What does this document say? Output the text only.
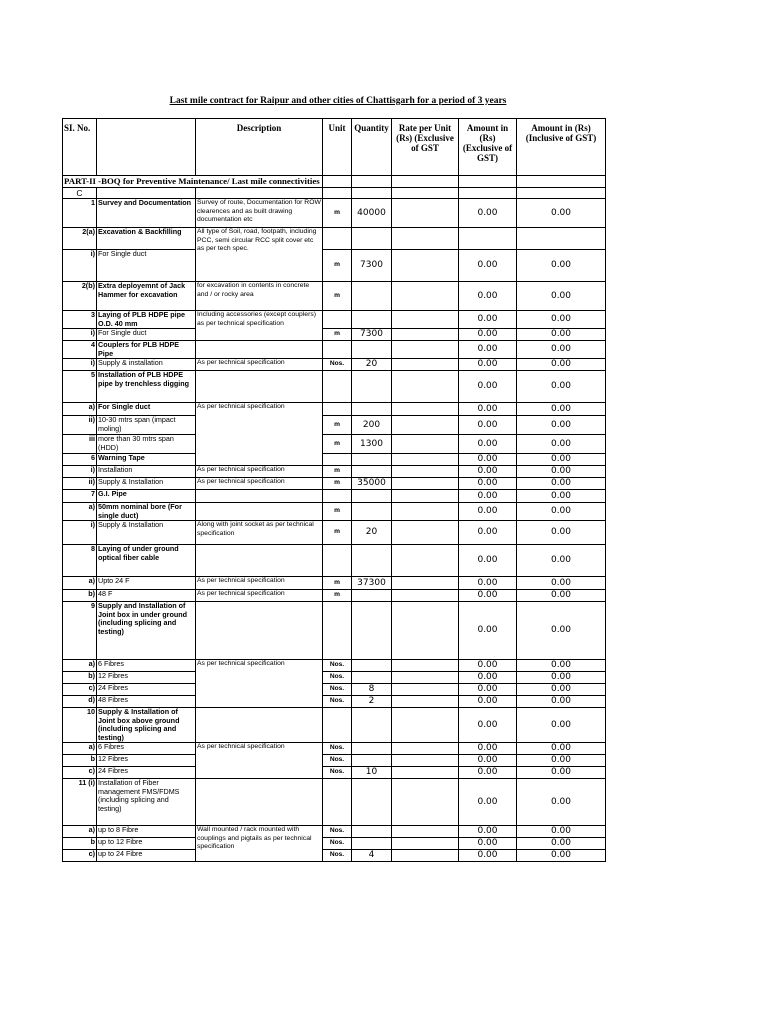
Last mile contract for Raipur and other cities of Chattisgarh for a period of 3 years
SI. No.		Description	Unit	Quantity	Rate per Unit (Rs) (Exclusive of GST	Amount in (Rs) (Exclusive of GST)	Amount in (Rs) (Inclusive of GST)
PART-II -BOQ for Preventive Maintenance/ Last mile connectivities							
C							
1	Survey and Documentation	Survey of route, Documentation for ROW clearences and as built drawing documentation etc	m	40000		0.00	0.00
2(a)	Excavation & Backfilling	All type of Soil, road, footpath, including PCC, semi circular RCC split cover etc as per tech spec.					
i)	For Single duct		m	7300		0.00	0.00
2(b)	Extra deployemnt of Jack Hammer for excavation	for excavation in contents in concrete and / or rocky area	m			0.00	0.00
3	Laying of PLB HDPE pipe O.D. 40 mm	Including accessories (except couplers) as per technical specification				0.00	0.00
i)	For Single duct		m	7300		0.00	0.00
4	Couplers for PLB HDPE Pipe					0.00	0.00
i)	Supply & installation	As per technical specification	Nos.	20		0.00	0.00
5	Installation of PLB HDPE pipe by trenchless digging					0.00	0.00
a)	For Single duct	As per technical specification				0.00	0.00
ii)	10-30 mtrs span (impact moling)		m	200		0.00	0.00
iii	more than 30 mtrs span (HDD)		m	1300		0.00	0.00
6	Warning Tape					0.00	0.00
i)	Installation	As per technical specification	m			0.00	0.00
ii)	Supply & Installation	As per technical specification	m	35000		0.00	0.00
7	G.I. Pipe					0.00	0.00
a)	50mm nominal bore (For single duct)		m			0.00	0.00
i)	Supply & Installation	Along with joint socket as per technical specification	m	20		0.00	0.00
8	Laying of under ground optical fiber cable					0.00	0.00
a)	Upto 24 F	As per technical specification	m	37300		0.00	0.00
b)	48 F	As per technical specification	m			0.00	0.00
9	Supply and Installation of Joint box in under ground (including splicing and testing)					0.00	0.00
a)	6 Fibres	As per technical specification	Nos.			0.00	0.00
b)	12 Fibres		Nos.			0.00	0.00
c)	24 Fibres		Nos.	8		0.00	0.00
d)	48 Fibres		Nos.	2		0.00	0.00
10	Supply & Installation of Joint box above ground (including splicing and testing)					0.00	0.00
a)	6 Fibres	As per technical specification	Nos.			0.00	0.00
b	12 Fibres		Nos.			0.00	0.00
c)	24 Fibres		Nos.	10		0.00	0.00
11 (i)	Installation of Fiber management FMS/FDMS (including splicing and testing)					0.00	0.00
a)	up to 8 Fibre	Wall mounted / rack mounted with couplings and pigtails as per technical specification	Nos.			0.00	0.00
b	up to 12 Fibre		Nos.			0.00	0.00
c)	up to 24 Fibre		Nos.	4		0.00	0.00
